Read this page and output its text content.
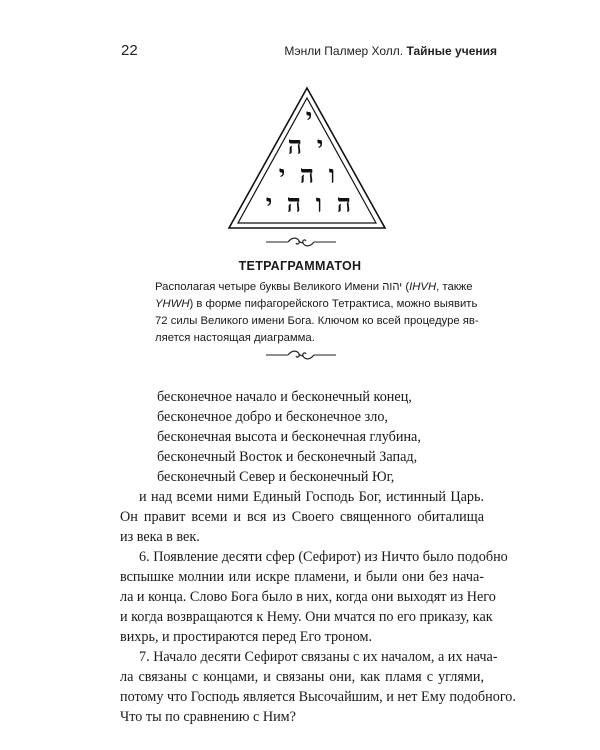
22	Мэнли Палмер Холл. Тайные учения
י
י
ה
ו
ה
י
ה
ו
ה
י
ТЕТРАГРАММАТОН
Располагая четыре буквы Великого Имени יהוה (IHVH, также
YHWH) в форме пифагорейского Тетрактиса, можно выявить
72 силы Великого имени Бога. Ключом ко всей процедуре яв-
ляется настоящая диаграмма.
бесконечное начало и бесконечный конец,
бесконечное добро и бесконечное зло,
бесконечная высота и бесконечная глубина,
бесконечный Восток и бесконечный Запад,
бесконечный Север и бесконечный Юг,
и над всеми ними Единый Господь Бог, истинный Царь.
Он правит всеми и вся из Своего священного обиталища
из века в век.
6. Появление десяти сфер (Сефирот) из Ничто было подобно
вспышке молнии или искре пламени, и были они без нача-
ла и конца. Слово Бога было в них, когда они выходят из Него
и когда возвращаются к Нему. Они мчатся по его приказу, как
вихрь, и простираются перед Его троном.
7. Начало десяти Сефирот связаны с их началом, а их нача-
ла связаны с концами, и связаны они, как пламя с углями,
потому что Господь является Высочайшим, и нет Ему подобного.
Что ты по сравнению с Ним?
